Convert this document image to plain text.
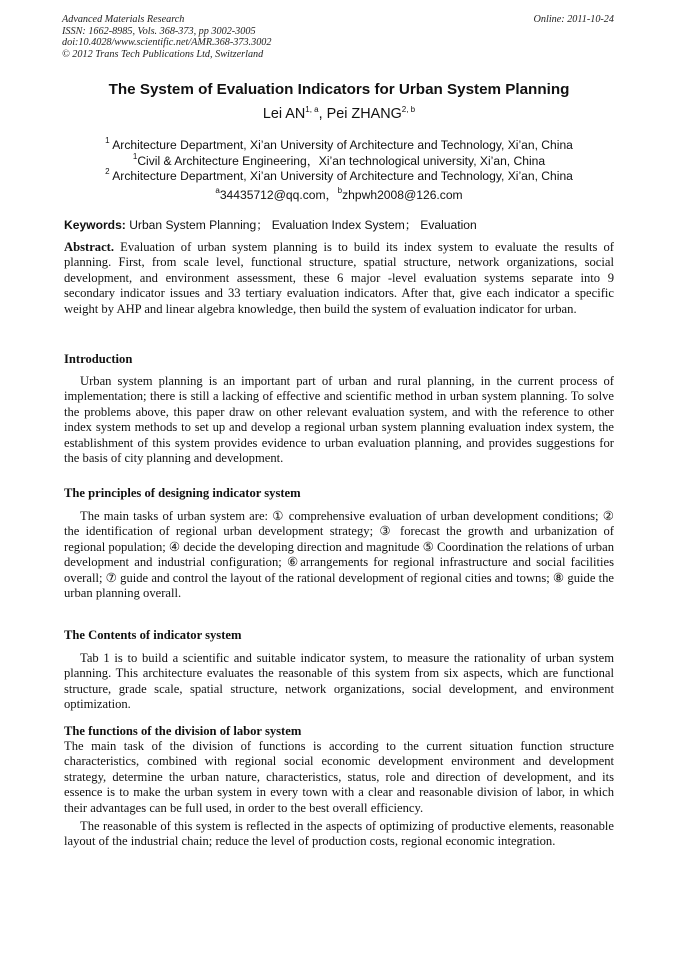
Advanced Materials Research
ISSN: 1662-8985, Vols. 368-373, pp 3002-3005
doi:10.4028/www.scientific.net/AMR.368-373.3002
© 2012 Trans Tech Publications Ltd, Switzerland
Online: 2011-10-24
The System of Evaluation Indicators for Urban System Planning
Lei AN$^{1, a}$, Pei ZHANG$^{2, b}$
$^1$ Architecture Department, Xi’an University of Architecture and Technology, Xi’an, China
$^1$Civil & Architecture Engineering，Xi’an technological university, Xi’an, China
$^2$ Architecture Department, Xi’an University of Architecture and Technology, Xi’an, China
$^a$34435712@qq.com，$^b$zhpwh2008@126.com
Keywords: Urban System Planning； Evaluation Index System； Evaluation
Abstract. Evaluation of urban system planning is to build its index system to evaluate the results of planning. First, from scale level, functional structure, spatial structure, network organizations, social development, and environment assessment, these 6 major -level evaluation systems separate into 9 secondary indicator issues and 33 tertiary evaluation indicators. After that, give each indicator a specific weight by AHP and linear algebra knowledge, then build the system of evaluation indicator for urban.
Introduction
Urban system planning is an important part of urban and rural planning, in the current process of implementation; there is still a lacking of effective and scientific method in urban system planning. To solve the problems above, this paper draw on other relevant evaluation system, and with the reference to other index system methods to set up and develop a regional urban system planning evaluation index system, the establishment of this system provides evidence to urban evaluation planning, and provides suggestions for the basis of city planning and development.
The principles of designing indicator system
The main tasks of urban system are: ① comprehensive evaluation of urban development conditions; ② the identification of regional urban development strategy; ③ forecast the growth and urbanization of regional population; ④ decide the developing direction and magnitude ⑤ Coordination the relations of urban development and industrial configuration; ⑥arrangements for regional infrastructure and social facilities overall; ⑦ guide and control the layout of the rational development of regional cities and towns; ⑧ guide the urban planning overall.
The Contents of indicator system
Tab 1 is to build a scientific and suitable indicator system, to measure the rationality of urban system planning. This architecture evaluates the reasonable of this system from six aspects, which are functional structure, grade scale, spatial structure, network organizations, social development, and environment optimization.
The functions of the division of labor system
The main task of the division of functions is according to the current situation function structure characteristics, combined with regional social economic development environment and development strategy, determine the urban nature, characteristics, status, role and direction of development, and its essence is to make the urban system in every town with a clear and reasonable division of labor, in which their advantages can be full used, in order to the best overall efficiency.
The reasonable of this system is reflected in the aspects of optimizing of productive elements, reasonable layout of the industrial chain; reduce the level of production costs, regional economic integration.
